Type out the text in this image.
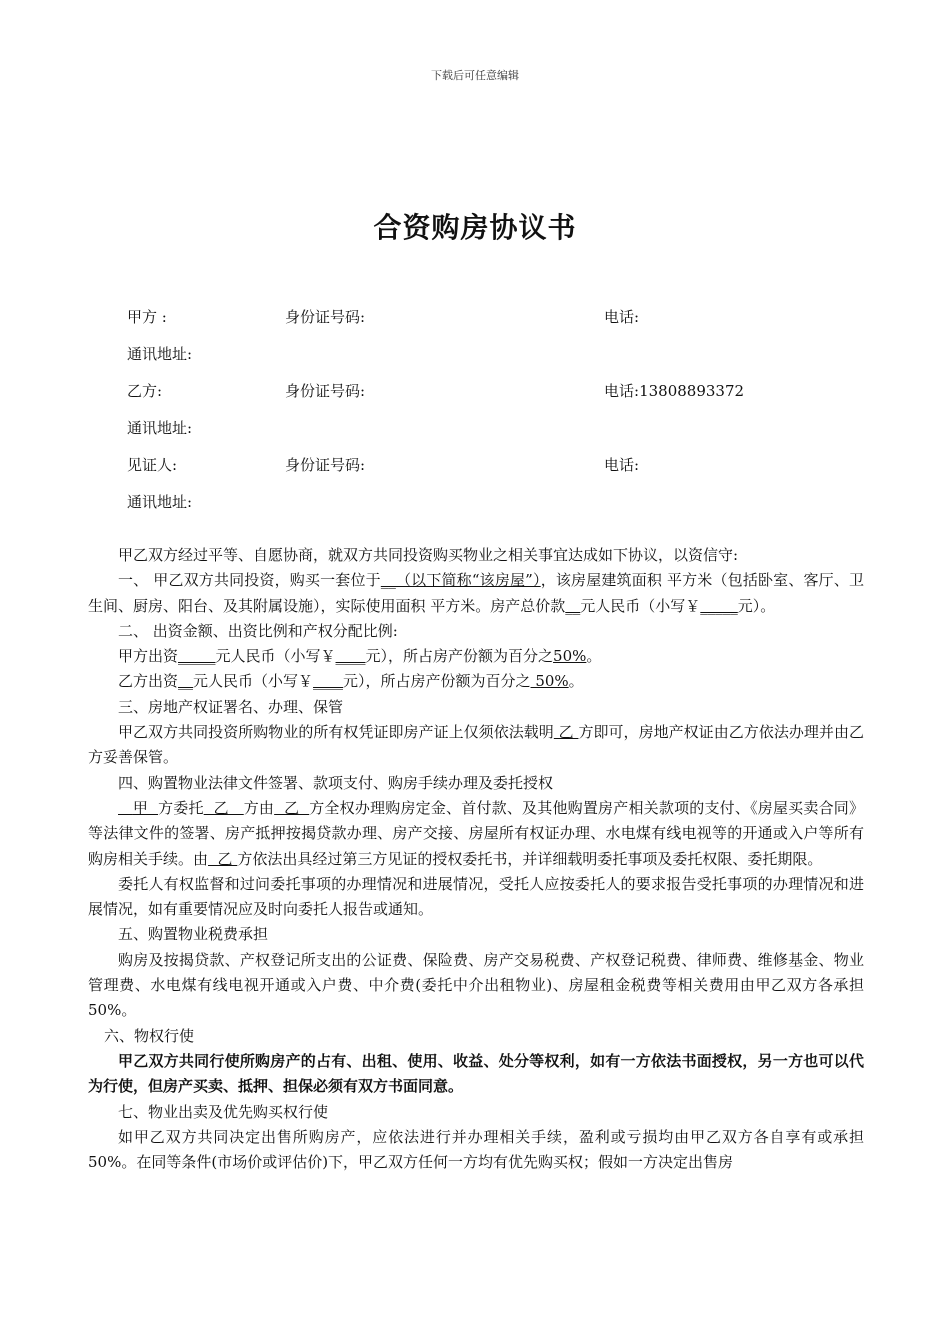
下载后可任意编辑
合资购房协议书
甲方 :	身份证号码:	电话:
通讯地址:
乙方:	身份证号码:	电话:13808893372
通讯地址:
见证人:	身份证号码:	电话:
通讯地址:

甲乙双方经过平等、自愿协商，就双方共同投资购买物业之相关事宜达成如下协议，以资信守:

一、 甲乙双方共同投资，购买一套位于__（以下简称“该房屋”），该房屋建筑面积 平方米（包括卧室、客厅、卫生间、厨房、阳台、及其附属设施），实际使用面积 平方米。房产总价款__元人民币（小写￥_____元）。

二、 出资金额、出资比例和产权分配比例:

甲方出资_____元人民币（小写￥____元），所占房产份额为百分之50%。

乙方出资__元人民币（小写￥____元），所占房产份额为百分之 50%。

三、房地产权证署名、办理、保管

甲乙双方共同投资所购物业的所有权凭证即房产证上仅须依法载明 乙 方即可，房地产权证由乙方依法办理并由乙方妥善保管。

四、购置物业法律文件签署、款项支付、购房手续办理及委托授权

甲  方委托  乙   方由  乙  方全权办理购房定金、首付款、及其他购置房产相关款项的支付、《房屋买卖合同》等法律文件的签署、房产抵押按揭贷款办理、房产交接、房屋所有权证办理、水电煤有线电视等的开通或入户等所有购房相关手续。由  乙 方依法出具经过第三方见证的授权委托书，并详细载明委托事项及委托权限、委托期限。

委托人有权监督和过问委托事项的办理情况和进展情况，受托人应按委托人的要求报告受托事项的办理情况和进展情况，如有重要情况应及时向委托人报告或通知。

五、购置物业税费承担

购房及按揭贷款、产权登记所支出的公证费、保险费、房产交易税费、产权登记税费、律师费、维修基金、物业管理费、水电煤有线电视开通或入户费、中介费(委托中介出租物业)、房屋租金税费等相关费用由甲乙双方各承担50%。

六、物权行使

甲乙双方共同行使所购房产的占有、出租、使用、收益、处分等权利，如有一方依法书面授权，另一方也可以代为行使，但房产买卖、抵押、担保必须有双方书面同意。

七、物业出卖及优先购买权行使

如甲乙双方共同决定出售所购房产，应依法进行并办理相关手续，盈利或亏损均由甲乙双方各自享有或承担50%。在同等条件(市场价或评估价)下，甲乙双方任何一方均有优先购买权；假如一方决定出售房
